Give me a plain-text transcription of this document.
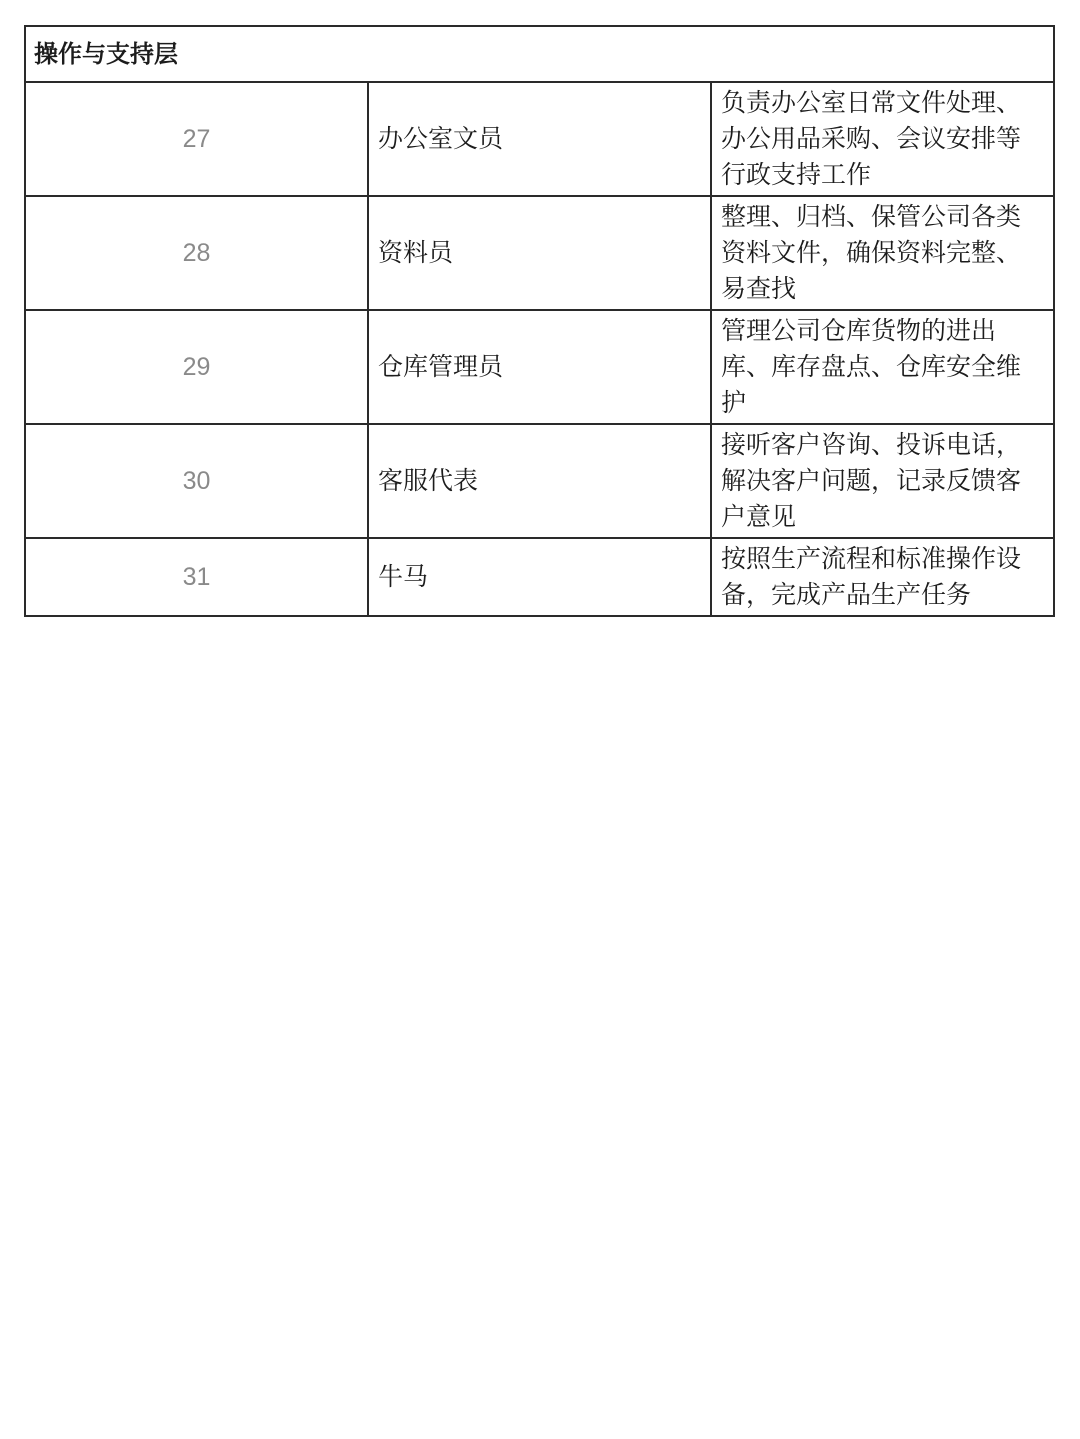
操作与支持层		
27	办公室文员	负责办公室日常文件处理、办公用品采购、会议安排等行政支持工作
28	资料员	整理、归档、保管公司各类资料文件，确保资料完整、易查找
29	仓库管理员	管理公司仓库货物的进出库、库存盘点、仓库安全维护
30	客服代表	接听客户咨询、投诉电话，解决客户问题，记录反馈客户意见
31	牛马	按照生产流程和标准操作设备，完成产品生产任务
